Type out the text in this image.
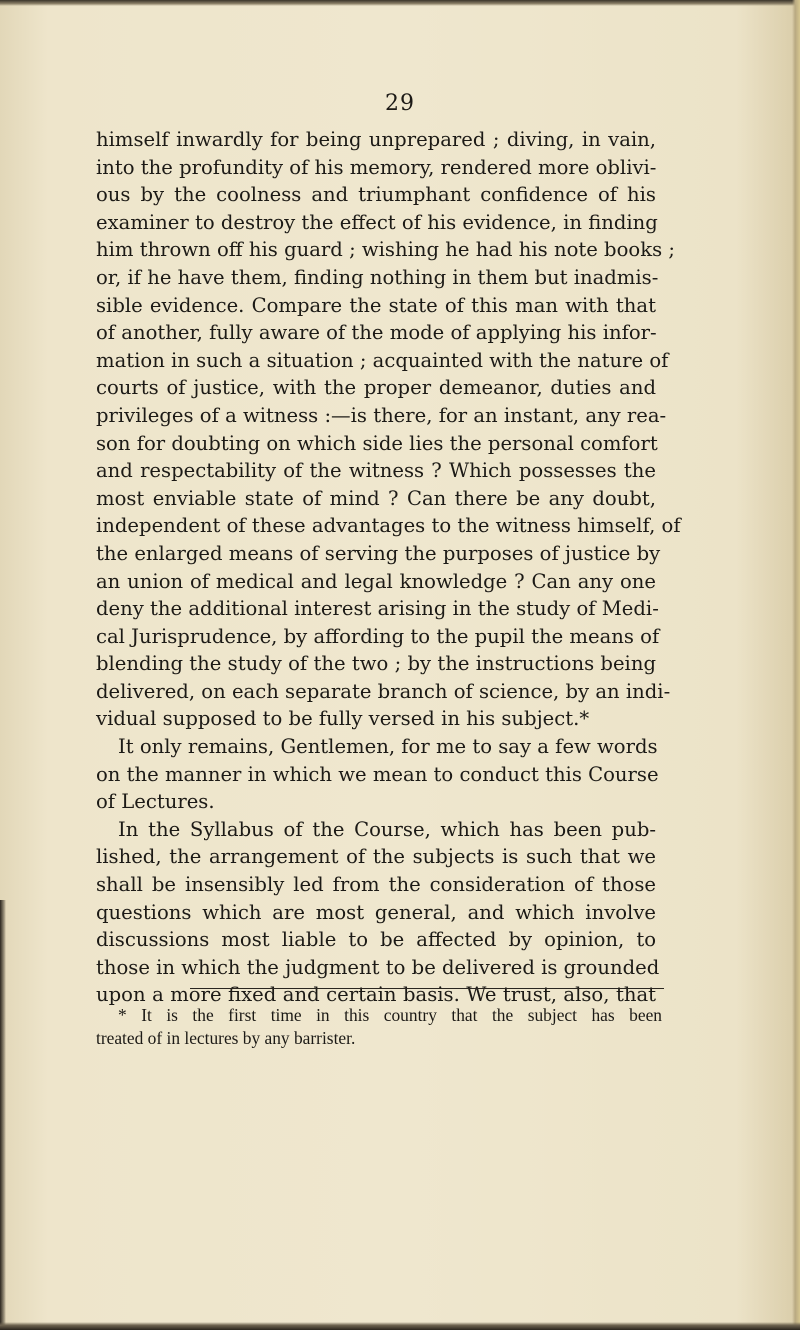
29
himself inwardly for being unprepared ; diving, in vain,
into the profundity of his memory, rendered more oblivi-
ous by the coolness and triumphant confidence of his
examiner to destroy the effect of his evidence, in finding
him thrown off his guard ; wishing he had his note books ;
or, if he have them, finding nothing in them but inadmis-
sible evidence. Compare the state of this man with that
of another, fully aware of the mode of applying his infor-
mation in such a situation ; acquainted with the nature of
courts of justice, with the proper demeanor, duties and
privileges of a witness :—is there, for an instant, any rea-
son for doubting on which side lies the personal comfort
and respectability of the witness ? Which possesses the
most enviable state of mind ? Can there be any doubt,
independent of these advantages to the witness himself, of
the enlarged means of serving the purposes of justice by
an union of medical and legal knowledge ? Can any one
deny the additional interest arising in the study of Medi-
cal Jurisprudence, by affording to the pupil the means of
blending the study of the two ; by the instructions being
delivered, on each separate branch of science, by an indi-
vidual supposed to be fully versed in his subject.*
It only remains, Gentlemen, for me to say a few words
on the manner in which we mean to conduct this Course
of Lectures.
In the Syllabus of the Course, which has been pub-
lished, the arrangement of the subjects is such that we
shall be insensibly led from the consideration of those
questions which are most general, and which involve
discussions most liable to be affected by opinion, to
those in which the judgment to be delivered is grounded
upon a more fixed and certain basis. We trust, also, that
* It is the first time in this country that the subject has been
treated of in lectures by any barrister.
